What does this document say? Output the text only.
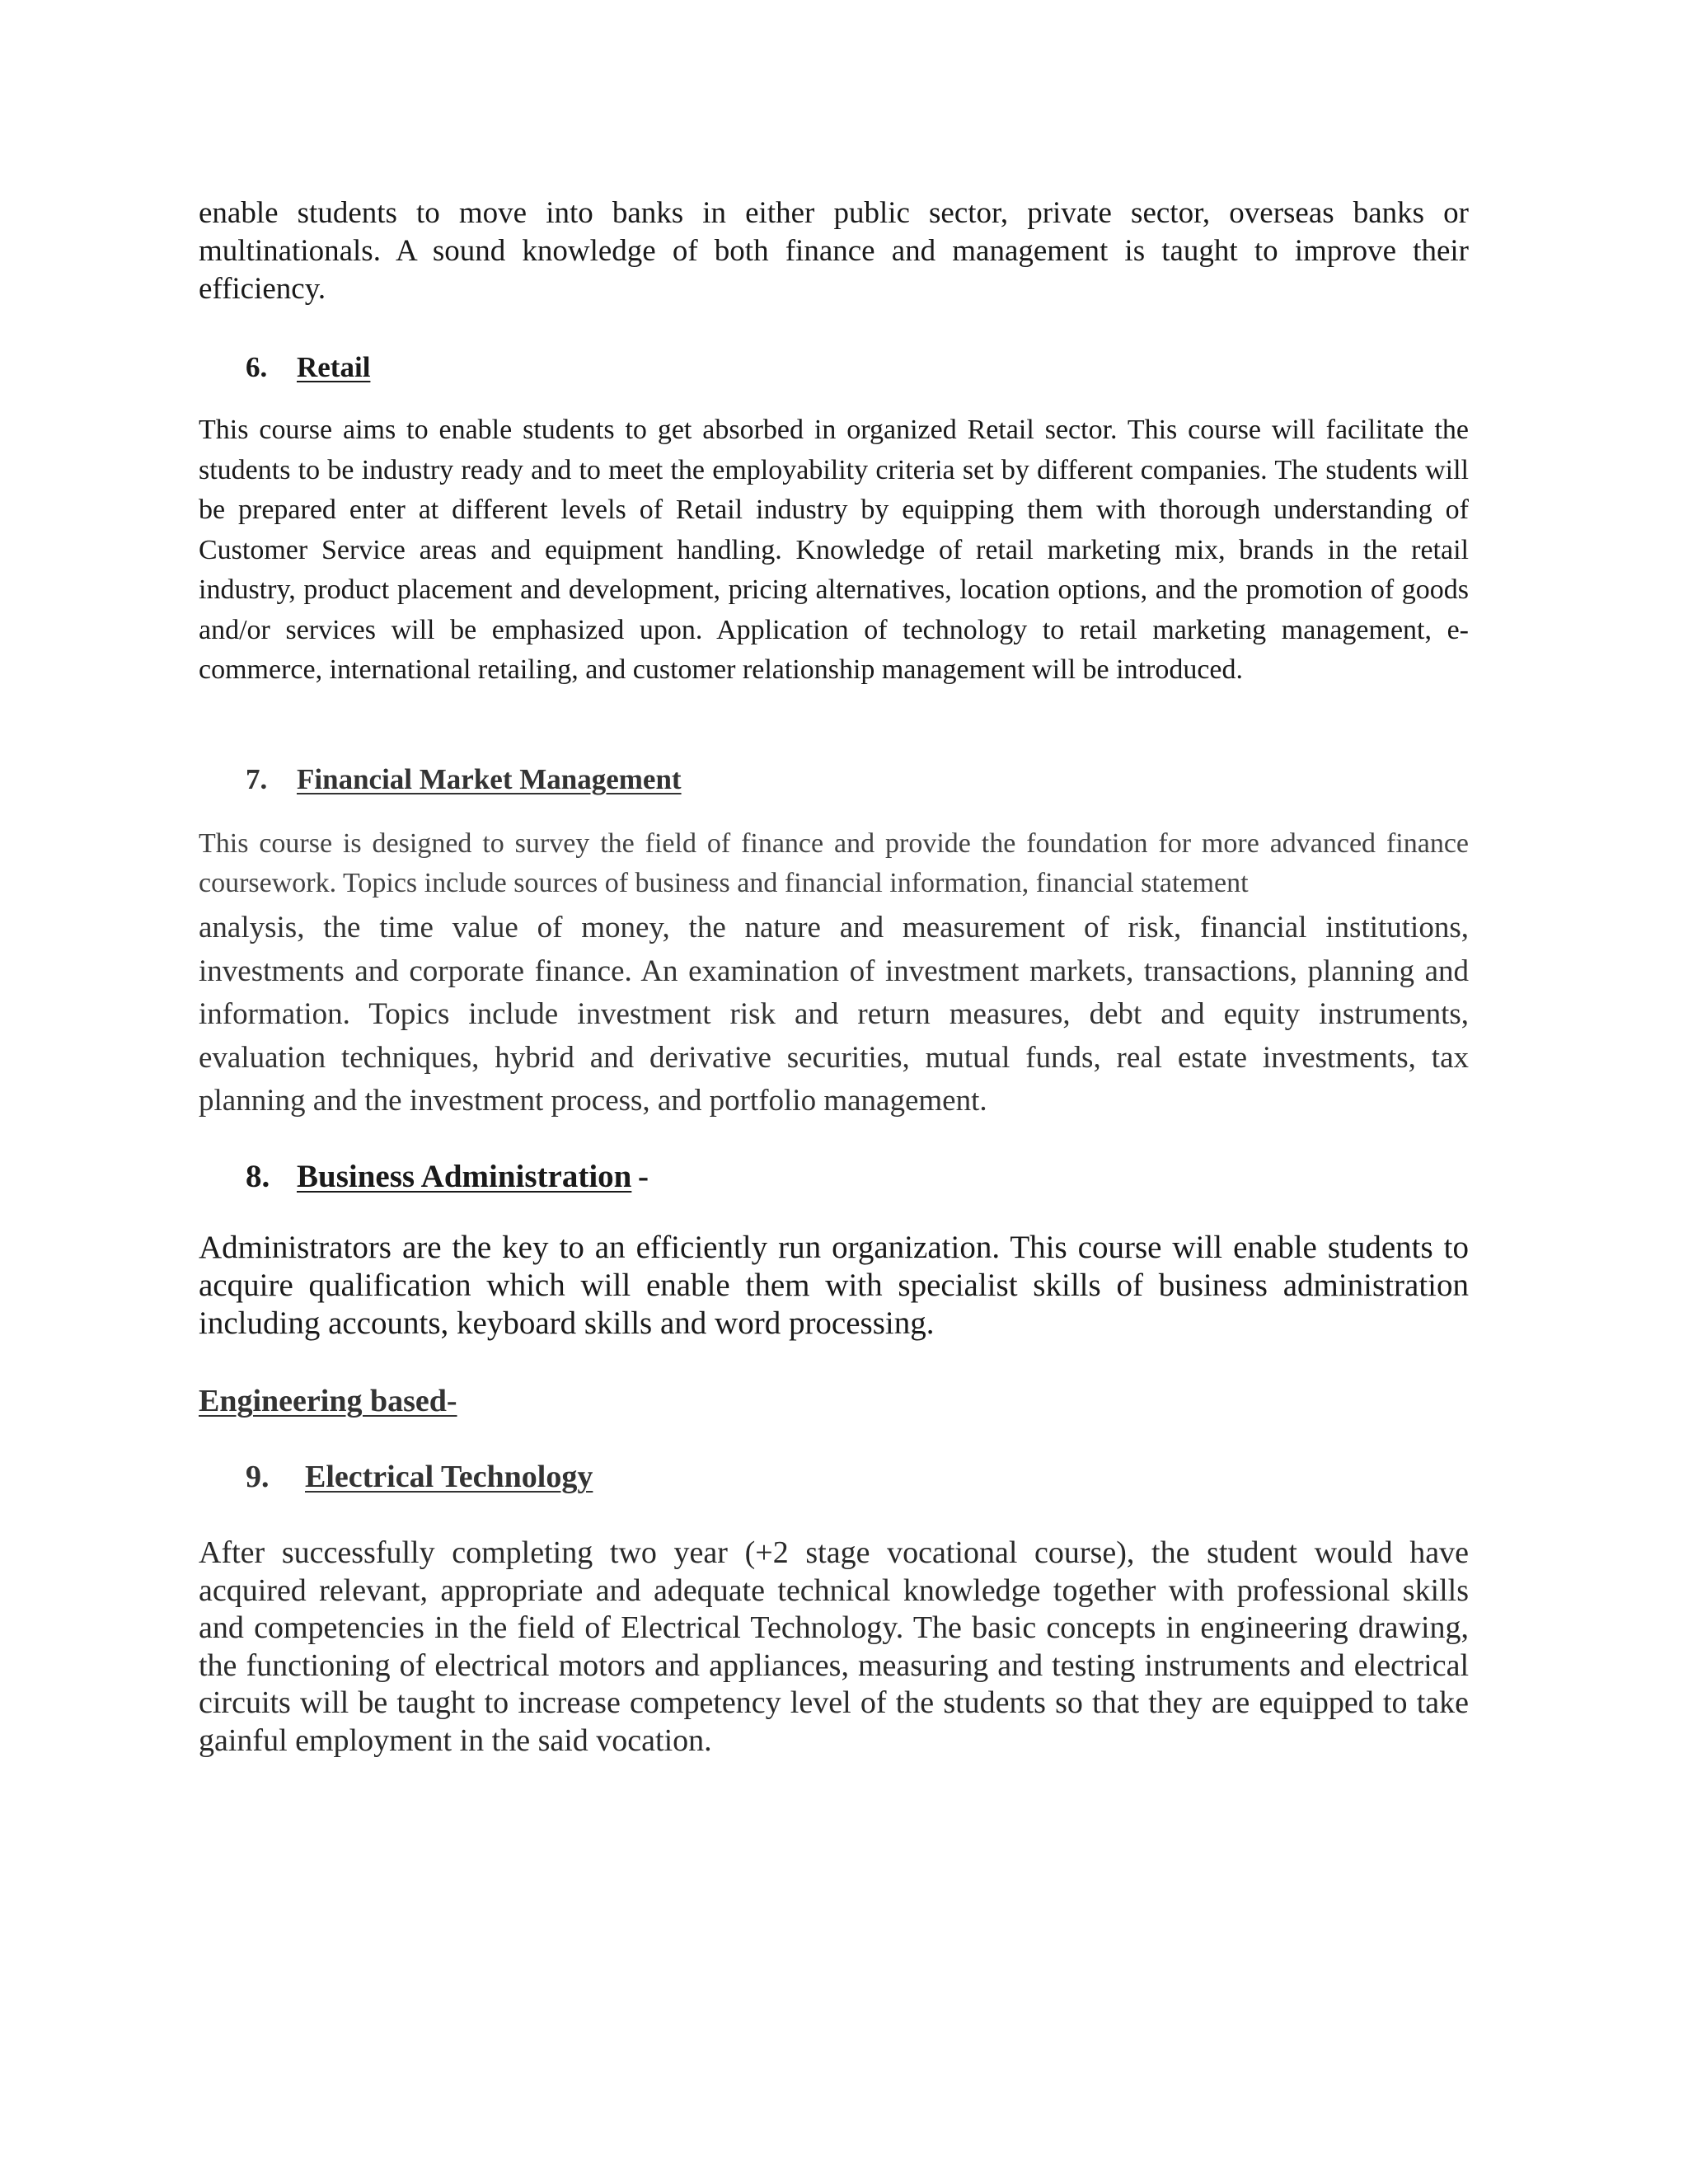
enable students to move into banks in either public sector, private sector, overseas banks or multinationals. A sound knowledge of both finance and management is taught to improve their efficiency.

6. Retail

This course aims to enable students to get absorbed in organized Retail sector. This course will facilitate the students to be industry ready and to meet the employability criteria set by different companies. The students will be prepared enter at different levels of Retail industry by equipping them with thorough understanding of Customer Service areas and equipment handling. Knowledge of retail marketing mix, brands in the retail industry, product placement and development, pricing alternatives, location options, and the promotion of goods and/or services will be emphasized upon. Application of technology to retail marketing management, e-commerce, international retailing, and customer relationship management will be introduced.

7. Financial Market Management

This course is designed to survey the field of finance and provide the foundation for more advanced finance coursework. Topics include sources of business and financial information, financial statement

analysis, the time value of money, the nature and measurement of risk, financial institutions, investments and corporate finance. An examination of investment markets, transactions, planning and information. Topics include investment risk and return measures, debt and equity instruments, evaluation techniques, hybrid and derivative securities, mutual funds, real estate investments, tax planning and the investment process, and portfolio management.

8. Business Administration -

Administrators are the key to an efficiently run organization. This course will enable students to acquire qualification which will enable them with specialist skills of business administration including accounts, keyboard skills and word processing.

Engineering based-
9. Electrical Technology

After successfully completing two year (+2 stage vocational course), the student would have acquired relevant, appropriate and adequate technical knowledge together with professional skills and competencies in the field of Electrical Technology. The basic concepts in engineering drawing, the functioning of electrical motors and appliances, measuring and testing instruments and electrical circuits will be taught to increase competency level of the students so that they are equipped to take gainful employment in the said vocation.
